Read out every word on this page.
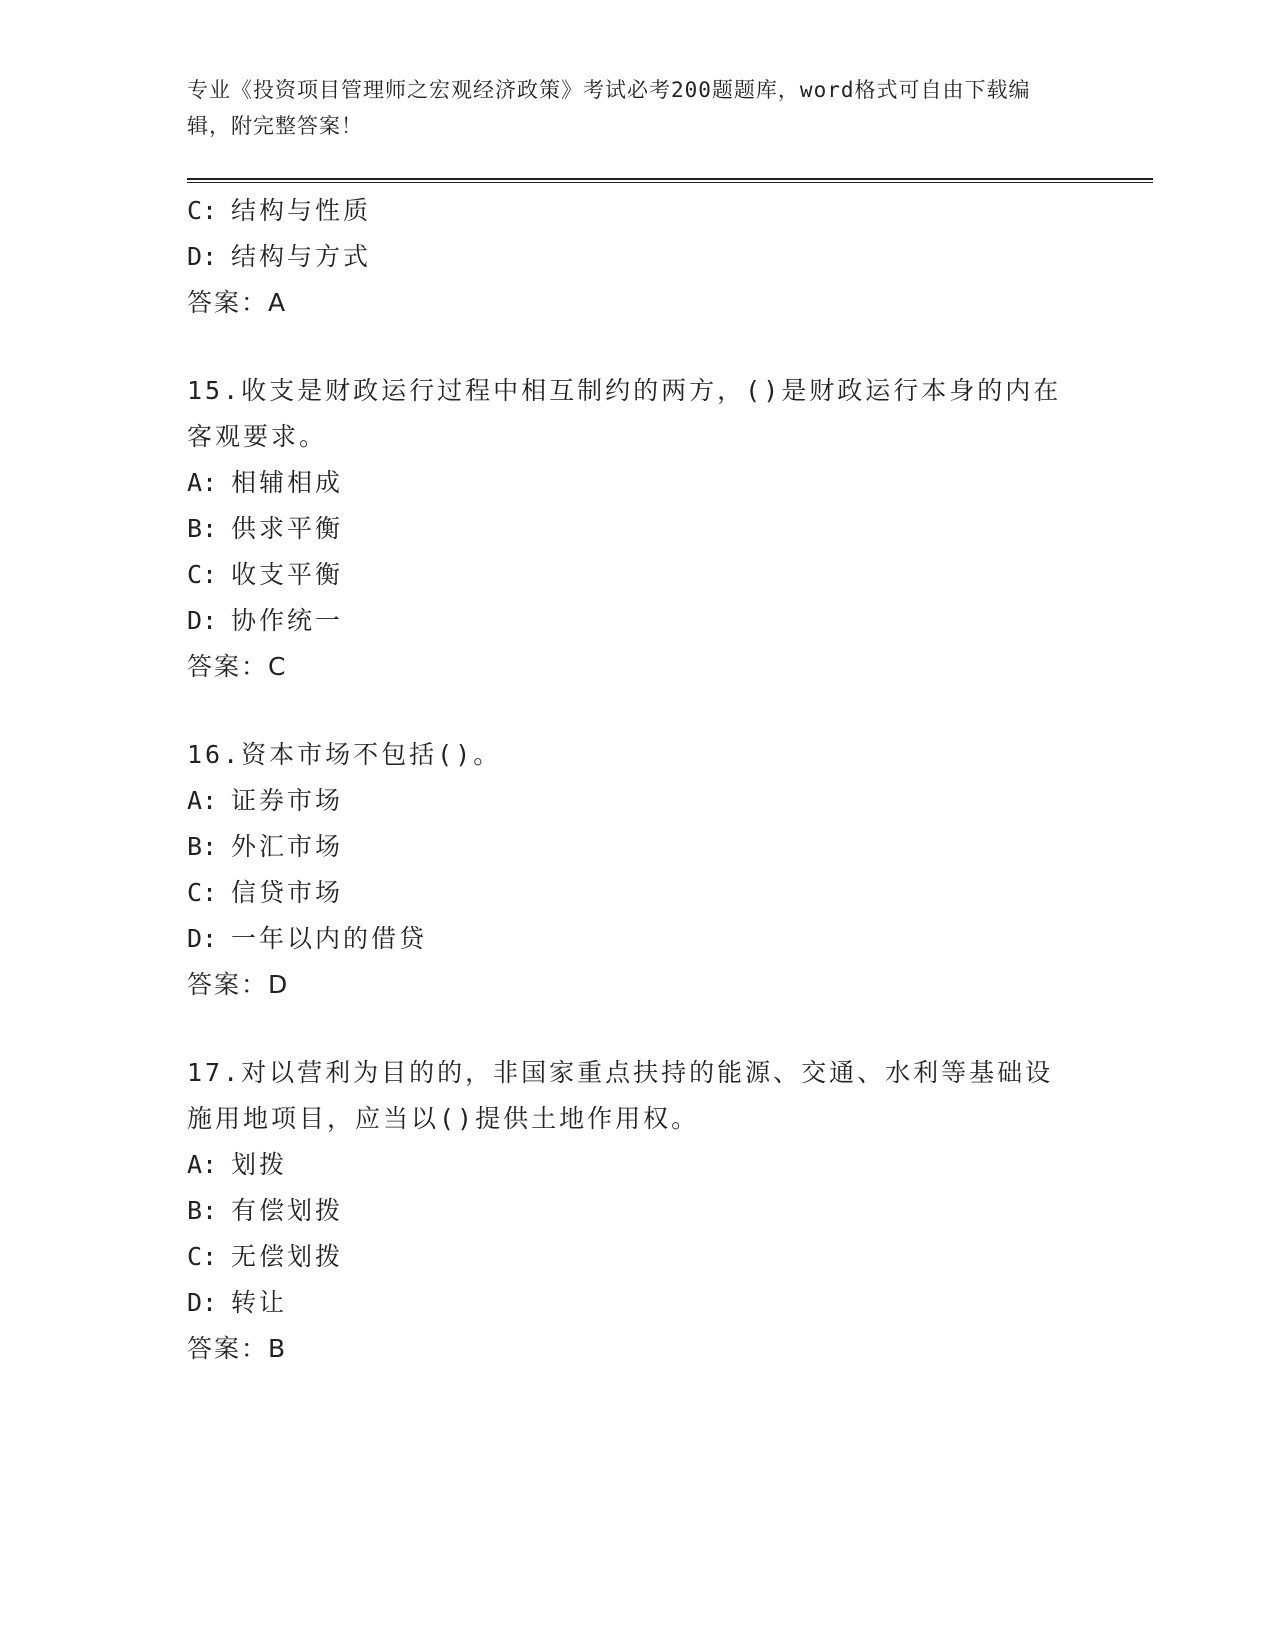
专业《投资项目管理师之宏观经济政策》考试必考200题题库，word格式可自由下载编辑，附完整答案！
C: 结构与性质
D: 结构与方式
答案：A
15.收支是财政运行过程中相互制约的两方，()是财政运行本身的内在客观要求。
A: 相辅相成
B: 供求平衡
C: 收支平衡
D: 协作统一
答案：C
16.资本市场不包括()。
A: 证券市场
B: 外汇市场
C: 信贷市场
D: 一年以内的借贷
答案：D
17.对以营利为目的的，非国家重点扶持的能源、交通、水利等基础设施用地项目，应当以()提供土地作用权。
A: 划拨
B: 有偿划拨
C: 无偿划拨
D: 转让
答案：B
